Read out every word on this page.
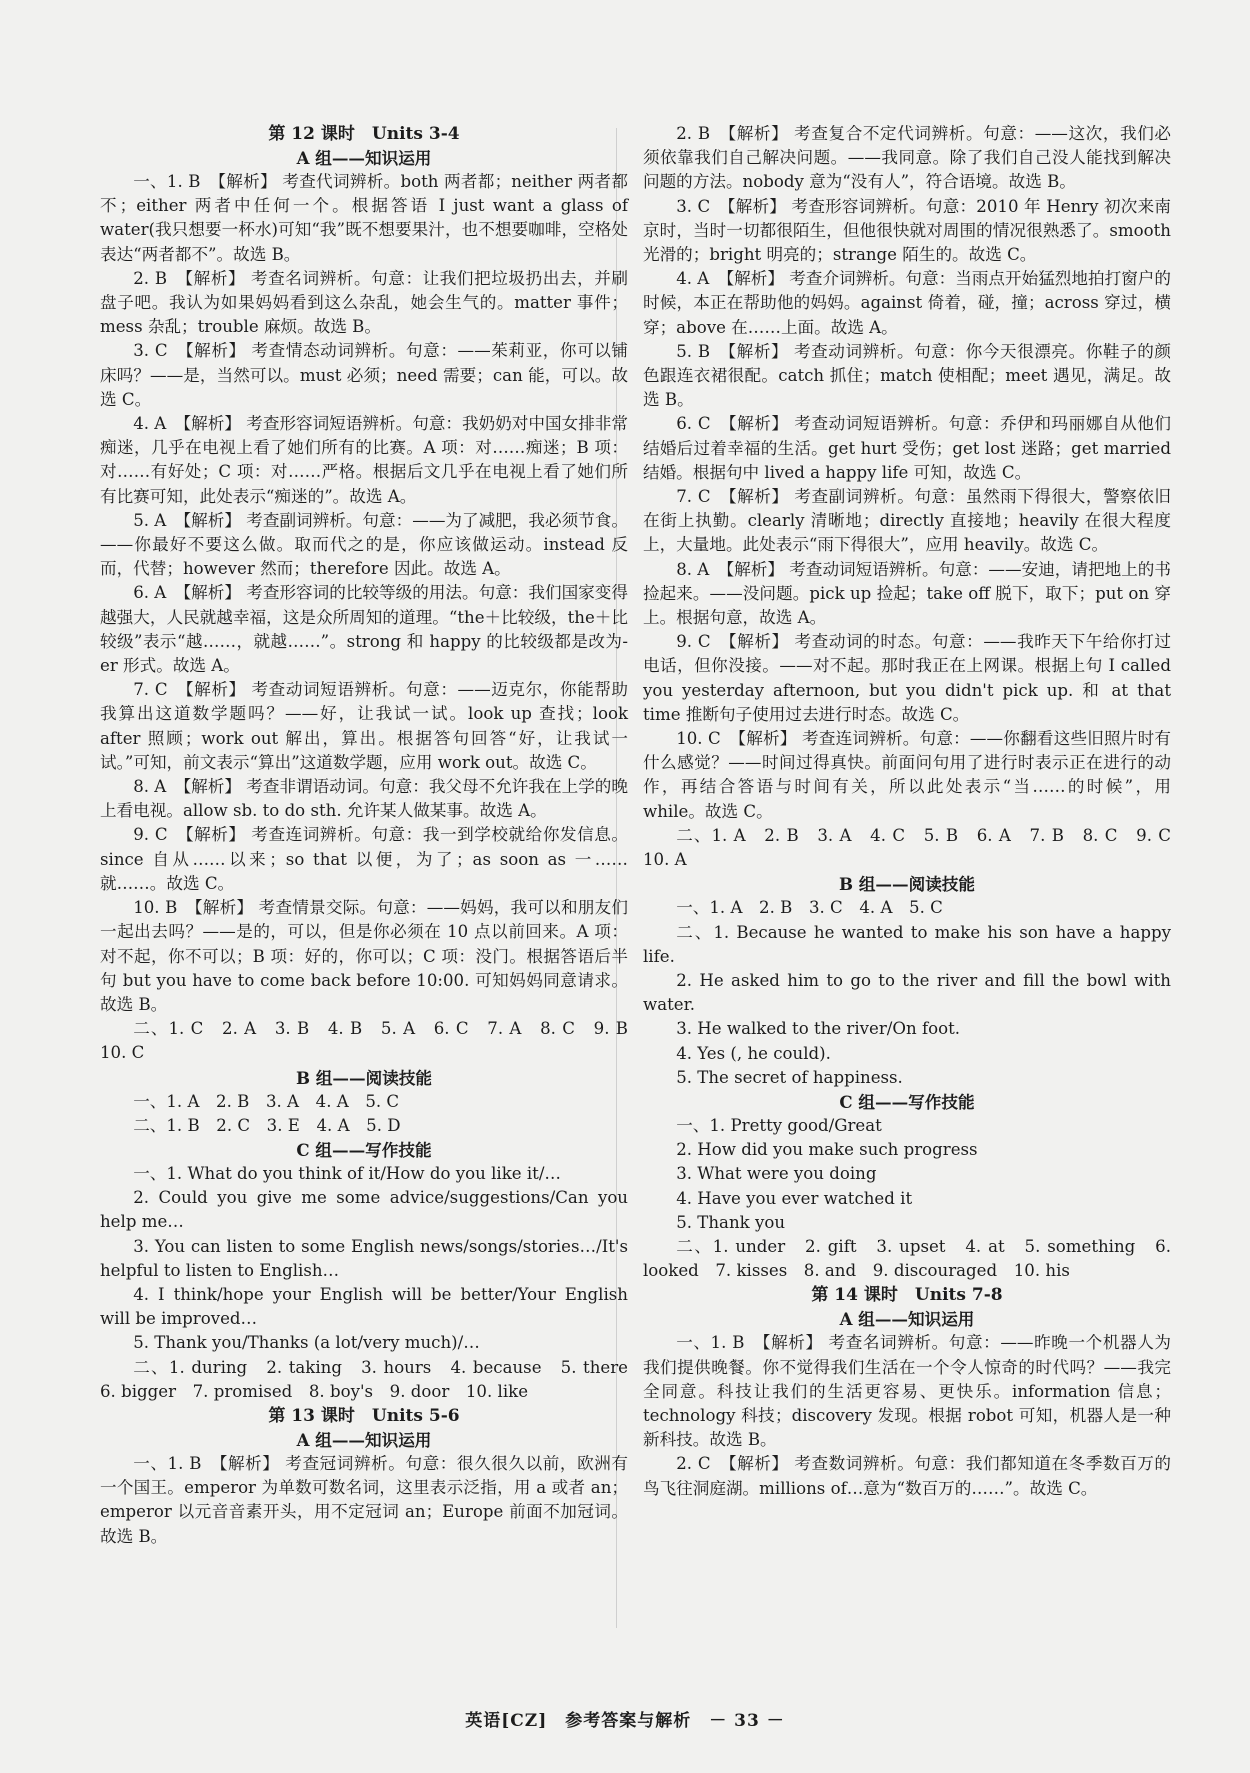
第 12 课时　Units 3-4
A 组——知识运用

一、1. B　【解析】 考查代词辨析。both 两者都；neither 两者都不；either 两者中任何一个。根据答语 I just want a glass of water(我只想要一杯水)可知“我”既不想要果汁，也不想要咖啡，空格处表达“两者都不”。故选 B。

2. B　【解析】 考查名词辨析。句意：让我们把垃圾扔出去，并刷盘子吧。我认为如果妈妈看到这么杂乱，她会生气的。matter 事件；mess 杂乱；trouble 麻烦。故选 B。

3. C　【解析】 考查情态动词辨析。句意：——茱莉亚，你可以铺床吗？——是，当然可以。must 必须；need 需要；can 能，可以。故选 C。

4. A　【解析】 考查形容词短语辨析。句意：我奶奶对中国女排非常痴迷，几乎在电视上看了她们所有的比赛。A 项：对……痴迷；B 项：对……有好处；C 项：对……严格。根据后文几乎在电视上看了她们所有比赛可知，此处表示“痴迷的”。故选 A。

5. A　【解析】 考查副词辨析。句意：——为了减肥，我必须节食。——你最好不要这么做。取而代之的是，你应该做运动。instead 反而，代替；however 然而；therefore 因此。故选 A。

6. A　【解析】 考查形容词的比较等级的用法。句意：我们国家变得越强大，人民就越幸福，这是众所周知的道理。“the＋比较级，the＋比较级”表示“越……，就越……”。strong 和 happy 的比较级都是改为-er 形式。故选 A。

7. C　【解析】 考查动词短语辨析。句意：——迈克尔，你能帮助我算出这道数学题吗？——好，让我试一试。look up 查找；look after 照顾；work out 解出，算出。根据答句回答“好，让我试一试。”可知，前文表示“算出”这道数学题，应用 work out。故选 C。

8. A　【解析】 考查非谓语动词。句意：我父母不允许我在上学的晚上看电视。allow sb. to do sth. 允许某人做某事。故选 A。

9. C　【解析】 考查连词辨析。句意：我一到学校就给你发信息。since 自从……以来；so that 以便，为了；as soon as 一……就……。故选 C。

10. B　【解析】 考查情景交际。句意：——妈妈，我可以和朋友们一起出去吗？——是的，可以，但是你必须在 10 点以前回来。A 项：对不起，你不可以；B 项：好的，你可以；C 项：没门。根据答语后半句 but you have to come back before 10:00. 可知妈妈同意请求。故选 B。

二、1. C　2. A　3. B　4. B　5. A　6. C　7. A　8. C　9. B　10. C

B 组——阅读技能

一、1. A　2. B　3. A　4. A　5. C

二、1. B　2. C　3. E　4. A　5. D

C 组——写作技能

一、1. What do you think of it/How do you like it/…

2. Could you give me some advice/suggestions/Can you help me…

3. You can listen to some English news/songs/stories…/It's helpful to listen to English…

4. I think/hope your English will be better/Your English will be improved…

5. Thank you/Thanks (a lot/very much)/…

二、1. during　2. taking　3. hours　4. because　5. there　6. bigger　7. promised　8. boy's　9. door　10. like

第 13 课时　Units 5-6
A 组——知识运用

一、1. B　【解析】 考查冠词辨析。句意：很久很久以前，欧洲有一个国王。emperor 为单数可数名词，这里表示泛指，用 a 或者 an；emperor 以元音音素开头，用不定冠词 an；Europe 前面不加冠词。故选 B。

2. B　【解析】 考查复合不定代词辨析。句意：——这次，我们必须依靠我们自己解决问题。——我同意。除了我们自己没人能找到解决问题的方法。nobody 意为“没有人”，符合语境。故选 B。

3. C　【解析】 考查形容词辨析。句意：2010 年 Henry 初次来南京时，当时一切都很陌生，但他很快就对周围的情况很熟悉了。smooth 光滑的；bright 明亮的；strange 陌生的。故选 C。

4. A　【解析】 考查介词辨析。句意：当雨点开始猛烈地拍打窗户的时候，本正在帮助他的妈妈。against 倚着，碰，撞；across 穿过，横穿；above 在……上面。故选 A。

5. B　【解析】 考查动词辨析。句意：你今天很漂亮。你鞋子的颜色跟连衣裙很配。catch 抓住；match 使相配；meet 遇见，满足。故选 B。

6. C　【解析】 考查动词短语辨析。句意：乔伊和玛丽娜自从他们结婚后过着幸福的生活。get hurt 受伤；get lost 迷路；get married 结婚。根据句中 lived a happy life 可知，故选 C。

7. C　【解析】 考查副词辨析。句意：虽然雨下得很大，警察依旧在街上执勤。clearly 清晰地；directly 直接地；heavily 在很大程度上，大量地。此处表示“雨下得很大”，应用 heavily。故选 C。

8. A　【解析】 考查动词短语辨析。句意：——安迪，请把地上的书捡起来。——没问题。pick up 捡起；take off 脱下，取下；put on 穿上。根据句意，故选 A。

9. C　【解析】 考查动词的时态。句意：——我昨天下午给你打过电话，但你没接。——对不起。那时我正在上网课。根据上句 I called you yesterday afternoon, but you didn't pick up. 和 at that time 推断句子使用过去进行时态。故选 C。

10. C　【解析】 考查连词辨析。句意：——你翻看这些旧照片时有什么感觉？——时间过得真快。前面问句用了进行时表示正在进行的动作，再结合答语与时间有关，所以此处表示“当……的时候”，用 while。故选 C。

二、1. A　2. B　3. A　4. C　5. B　6. A　7. B　8. C　9. C　10. A

B 组——阅读技能

一、1. A　2. B　3. C　4. A　5. C

二、1. Because he wanted to make his son have a happy life.

2. He asked him to go to the river and fill the bowl with water.

3. He walked to the river/On foot.

4. Yes (, he could).

5. The secret of happiness.

C 组——写作技能

一、1. Pretty good/Great

2. How did you make such progress

3. What were you doing

4. Have you ever watched it

5. Thank you

二、1. under　2. gift　3. upset　4. at　5. something　6. looked　7. kisses　8. and　9. discouraged　10. his

第 14 课时　Units 7-8
A 组——知识运用

一、1. B　【解析】 考查名词辨析。句意：——昨晚一个机器人为我们提供晚餐。你不觉得我们生活在一个令人惊奇的时代吗？——我完全同意。科技让我们的生活更容易、更快乐。information 信息；technology 科技；discovery 发现。根据 robot 可知，机器人是一种新科技。故选 B。

2. C　【解析】 考查数词辨析。句意：我们都知道在冬季数百万的鸟飞往洞庭湖。millions of…意为“数百万的……”。故选 C。

英语[CZ]　参考答案与解析　－ 33 －
